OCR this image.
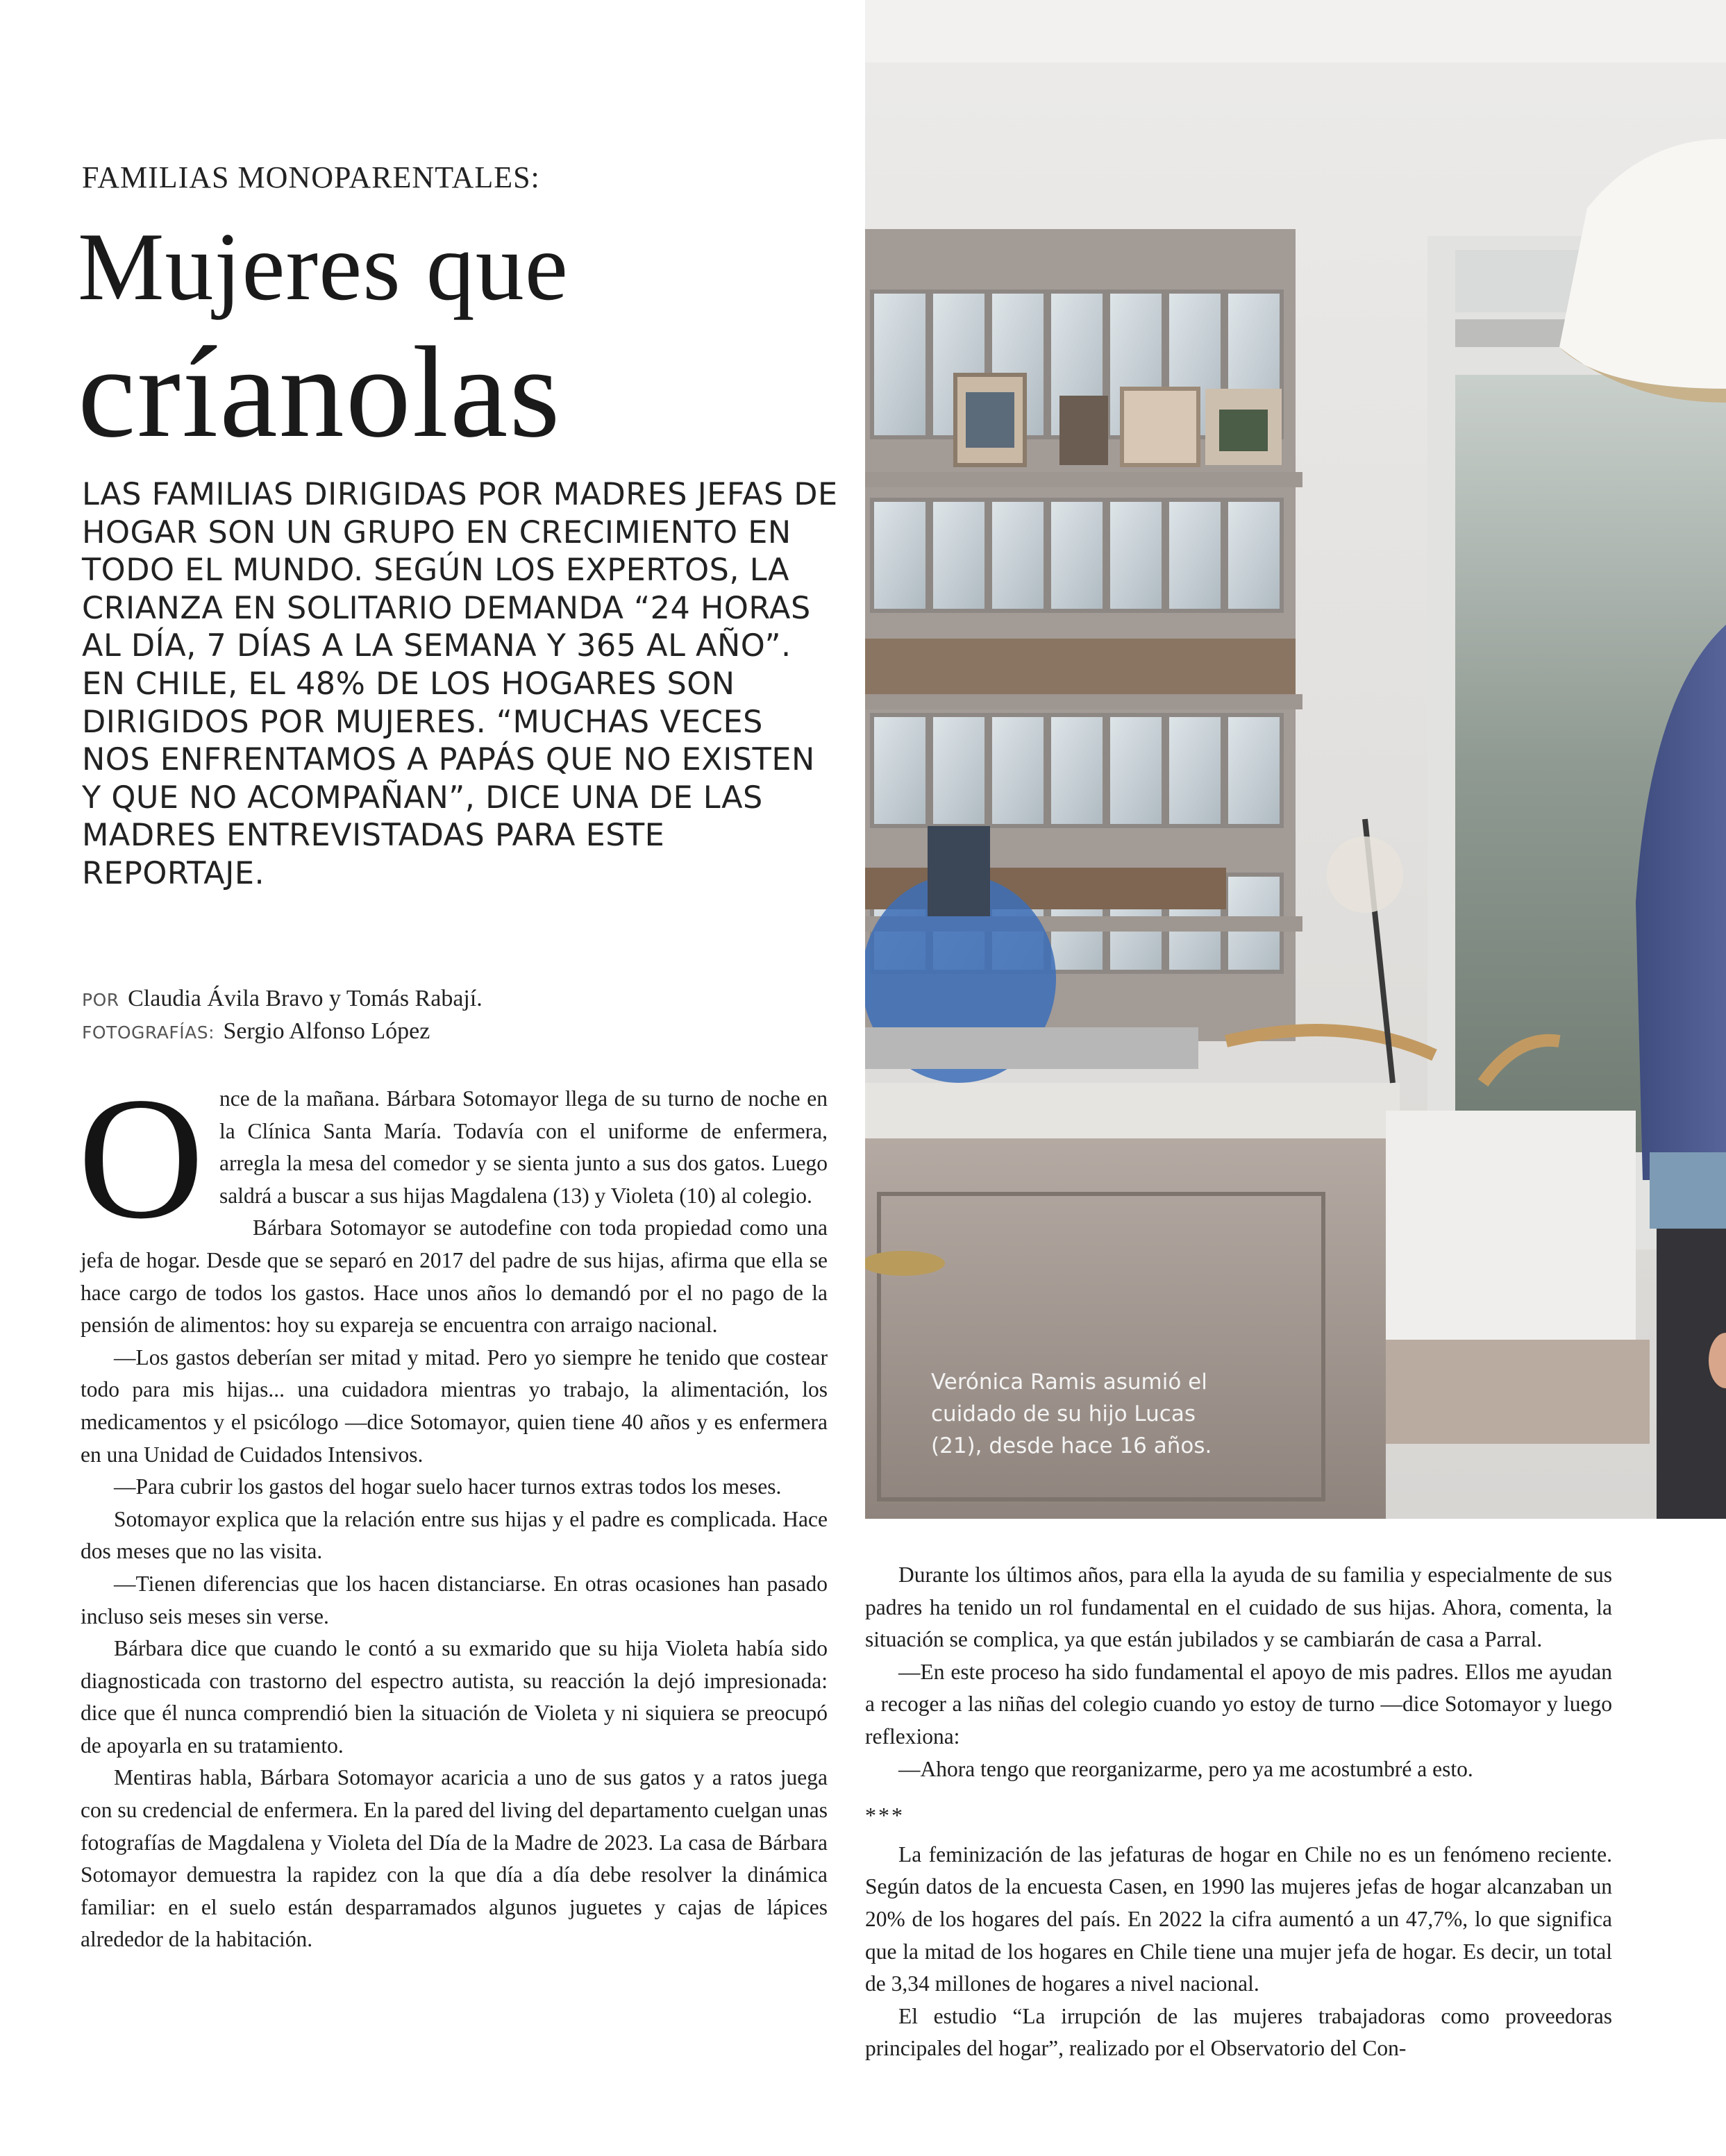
FAMILIAS MONOPARENTALES:
Mujeres que
críanolas
LAS FAMILIAS DIRIGIDAS POR MADRES JEFAS DE HOGAR SON UN GRUPO EN CRECIMIENTO EN TODO EL MUNDO. SEGÚN LOS EXPERTOS, LA CRIANZA EN SOLITARIO DEMANDA “24 HORAS AL DÍA, 7 DÍAS A LA SEMANA Y 365 AL AÑO”. EN CHILE, EL 48% DE LOS HOGARES SON DIRIGIDOS POR MUJERES. “MUCHAS VECES NOS ENFRENTAMOS A PAPÁS QUE NO EXISTEN Y QUE NO ACOMPAÑAN”, DICE UNA DE LAS MADRES ENTREVISTADAS PARA ESTE REPORTAJE.
POR Claudia Ávila Bravo y Tomás Rabají.
FOTOGRAFÍAS: Sergio Alfonso López

Once de la mañana. Bárbara Sotomayor llega de su turno de noche en la Clínica Santa María. Todavía con el uniforme de enfermera, arregla la mesa del comedor y se sienta junto a sus dos gatos. Luego saldrá a buscar a sus hijas Magdalena (13) y Violeta (10) al colegio.

Bárbara Sotomayor se autodefine con toda propiedad como una jefa de hogar. Desde que se separó en 2017 del padre de sus hijas, afirma que ella se hace cargo de todos los gastos. Hace unos años lo demandó por el no pago de la pensión de alimentos: hoy su expareja se encuentra con arraigo nacional.

—Los gastos deberían ser mitad y mitad. Pero yo siempre he tenido que costear todo para mis hijas... una cuidadora mientras yo trabajo, la alimentación, los medicamentos y el psicólogo —dice Sotomayor, quien tiene 40 años y es enfermera en una Unidad de Cuidados Intensivos.

—Para cubrir los gastos del hogar suelo hacer turnos extras todos los meses.

Sotomayor explica que la relación entre sus hijas y el padre es complicada. Hace dos meses que no las visita.

—Tienen diferencias que los hacen distanciarse. En otras ocasiones han pasado incluso seis meses sin verse.

Bárbara dice que cuando le contó a su exmarido que su hija Violeta había sido diagnosticada con trastorno del espectro autista, su reacción la dejó impresionada: dice que él nunca comprendió bien la situación de Violeta y ni siquiera se preocupó de apoyarla en su tratamiento.

Mentiras habla, Bárbara Sotomayor acaricia a uno de sus gatos y a ratos juega con su credencial de enfermera. En la pared del living del departamento cuelgan unas fotografías de Magdalena y Violeta del Día de la Madre de 2023. La casa de Bárbara Sotomayor demuestra la rapidez con la que día a día debe resolver la dinámica familiar: en el suelo están desparramados algunos juguetes y cajas de lápices alrededor de la habitación.

Verónica Ramis asumió el cuidado de su hijo Lucas (21), desde hace 16 años.

Durante los últimos años, para ella la ayuda de su familia y especialmente de sus padres ha tenido un rol fundamental en el cuidado de sus hijas. Ahora, comenta, la situación se complica, ya que están jubilados y se cambiarán de casa a Parral.

—En este proceso ha sido fundamental el apoyo de mis padres. Ellos me ayudan a recoger a las niñas del colegio cuando yo estoy de turno —dice Sotomayor y luego reflexiona:

—Ahora tengo que reorganizarme, pero ya me acostumbré a esto.

***

La feminización de las jefaturas de hogar en Chile no es un fenómeno reciente. Según datos de la encuesta Casen, en 1990 las mujeres jefas de hogar alcanzaban un 20% de los hogares del país. En 2022 la cifra aumentó a un 47,7%, lo que significa que la mitad de los hogares en Chile tiene una mujer jefa de hogar. Es decir, un total de 3,34 millones de hogares a nivel nacional.

El estudio “La irrupción de las mujeres trabajadoras como proveedoras principales del hogar”, realizado por el Observatorio del Con-
